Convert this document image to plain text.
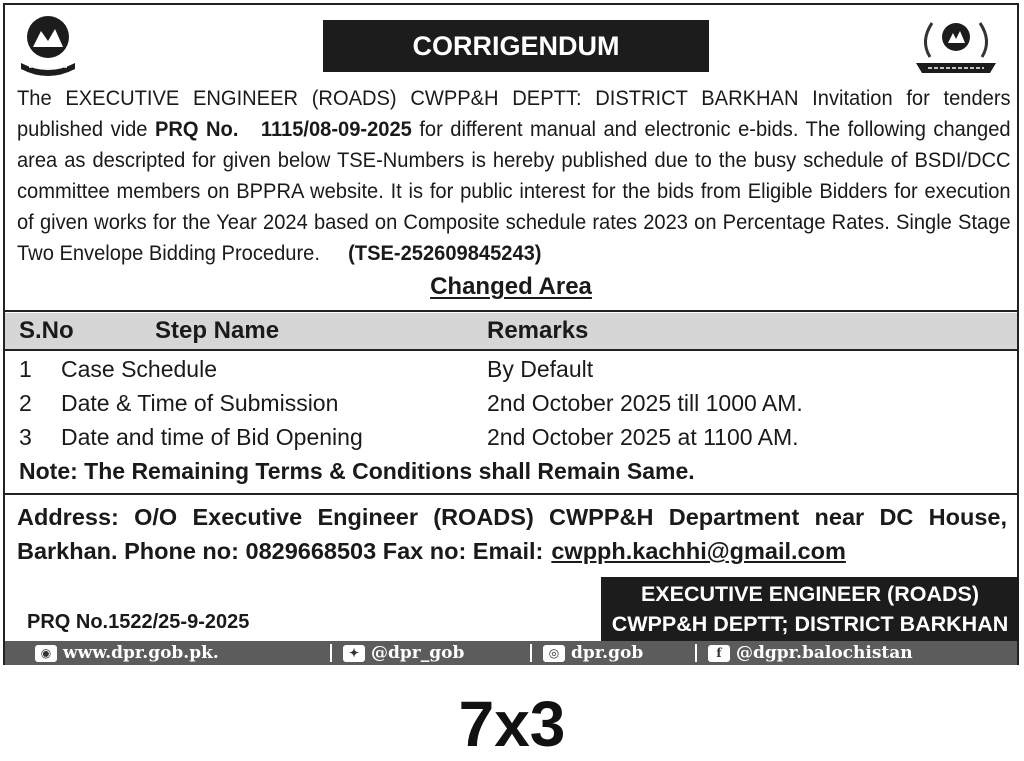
CORRIGENDUM
The EXECUTIVE ENGINEER (ROADS) CWPP&H DEPTT: DISTRICT BARKHAN Invitation for tenders published vide PRQ No. 1115/08-09-2025 for different manual and electronic e-bids. The following changed area as descripted for given below TSE-Numbers is hereby published due to the busy schedule of BSDI/DCC committee members on BPPRA website. It is for public interest for the bids from Eligible Bidders for execution of given works for the Year 2024 based on Composite schedule rates 2023 on Percentage Rates. Single Stage Two Envelope Bidding Procedure. (TSE-252609845243)
Changed Area
S.No	Step Name	Remarks
1 Case Schedule	By Default
2 Date & Time of Submission	2nd October 2025 till 1000 AM.
3 Date and time of Bid Opening	2nd October 2025 at 1100 AM.
Note: The Remaining Terms & Conditions shall Remain Same.
Address: O/O Executive Engineer (ROADS) CWPP&H Department near DC House, Barkhan. Phone no: 0829668503 Fax no: Email: cwpph.kachhi@gmail.com
PRQ No.1522/25-9-2025
EXECUTIVE ENGINEER (ROADS)
CWPP&H DEPTT; DISTRICT BARKHAN
◉ www.dpr.gob.pk.	✦ @dpr_gob	◎ dpr.gob	f @dgpr.balochistan
7x3
